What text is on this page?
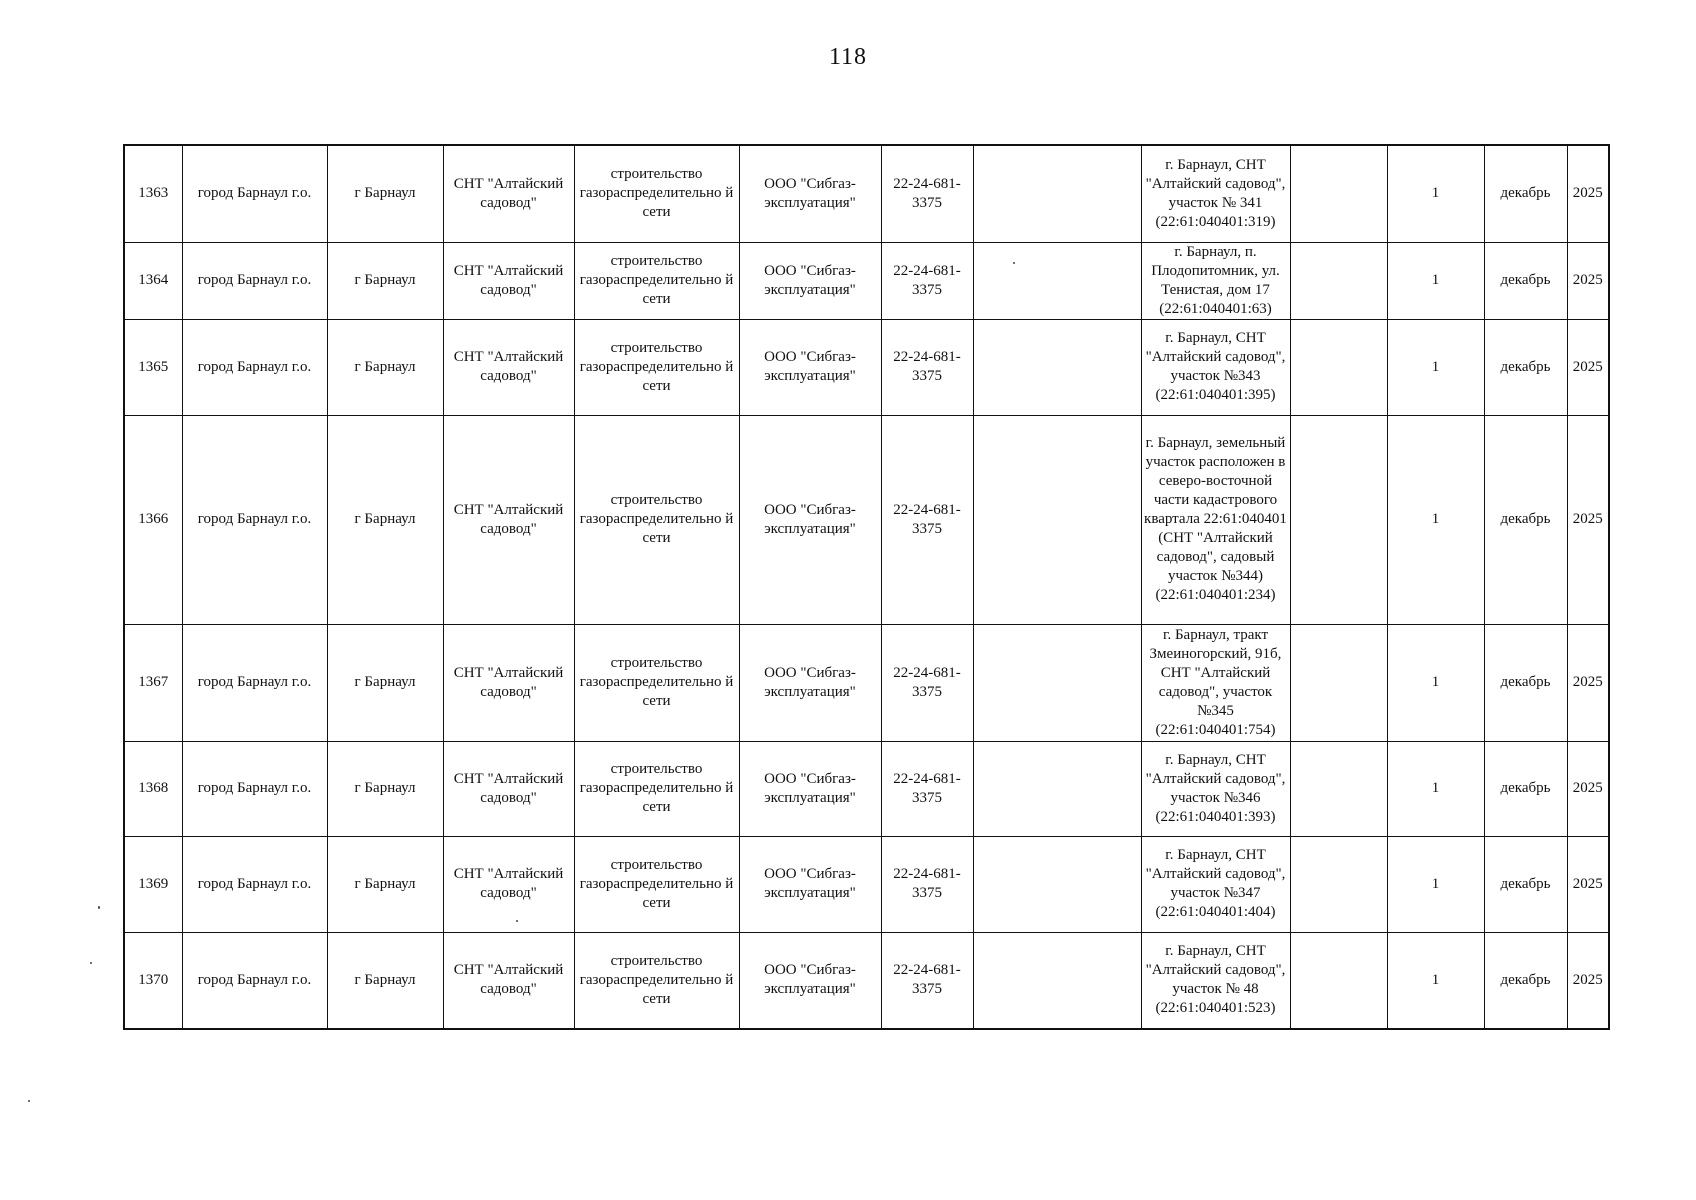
118
1363	город Барнаул г.о.	г Барнаул	СНТ "Алтайский садовод"	строительство газораспределительно й сети	ООО "Сибгаз-эксплуатация"	22-24-681-3375		г. Барнаул, СНТ "Алтайский садовод", участок № 341 (22:61:040401:319)		1	декабрь	2025
1364	город Барнаул г.о.	г Барнаул	СНТ "Алтайский садовод"	строительство газораспределительно й сети	ООО "Сибгаз-эксплуатация"	22-24-681-3375		г. Барнаул, п. Плодопитомник, ул. Тенистая, дом 17 (22:61:040401:63)		1	декабрь	2025
1365	город Барнаул г.о.	г Барнаул	СНТ "Алтайский садовод"	строительство газораспределительно й сети	ООО "Сибгаз-эксплуатация"	22-24-681-3375		г. Барнаул, СНТ "Алтайский садовод", участок №343 (22:61:040401:395)		1	декабрь	2025
1366	город Барнаул г.о.	г Барнаул	СНТ "Алтайский садовод"	строительство газораспределительно й сети	ООО "Сибгаз-эксплуатация"	22-24-681-3375		г. Барнаул, земельный участок расположен в северо-восточной части кадастрового квартала 22:61:040401 (СНТ "Алтайский садовод", садовый участок №344) (22:61:040401:234)		1	декабрь	2025
1367	город Барнаул г.о.	г Барнаул	СНТ "Алтайский садовод"	строительство газораспределительно й сети	ООО "Сибгаз-эксплуатация"	22-24-681-3375		г. Барнаул, тракт Змеиногорский, 91б, СНТ "Алтайский садовод", участок №345 (22:61:040401:754)		1	декабрь	2025
1368	город Барнаул г.о.	г Барнаул	СНТ "Алтайский садовод"	строительство газораспределительно й сети	ООО "Сибгаз-эксплуатация"	22-24-681-3375		г. Барнаул, СНТ "Алтайский садовод", участок №346 (22:61:040401:393)		1	декабрь	2025
1369	город Барнаул г.о.	г Барнаул	СНТ "Алтайский садовод"	строительство газораспределительно й сети	ООО "Сибгаз-эксплуатация"	22-24-681-3375		г. Барнаул, СНТ "Алтайский садовод", участок №347 (22:61:040401:404)		1	декабрь	2025
1370	город Барнаул г.о.	г Барнаул	СНТ "Алтайский садовод"	строительство газораспределительно й сети	ООО "Сибгаз-эксплуатация"	22-24-681-3375		г. Барнаул, СНТ "Алтайский садовод", участок № 48 (22:61:040401:523)		1	декабрь	2025
